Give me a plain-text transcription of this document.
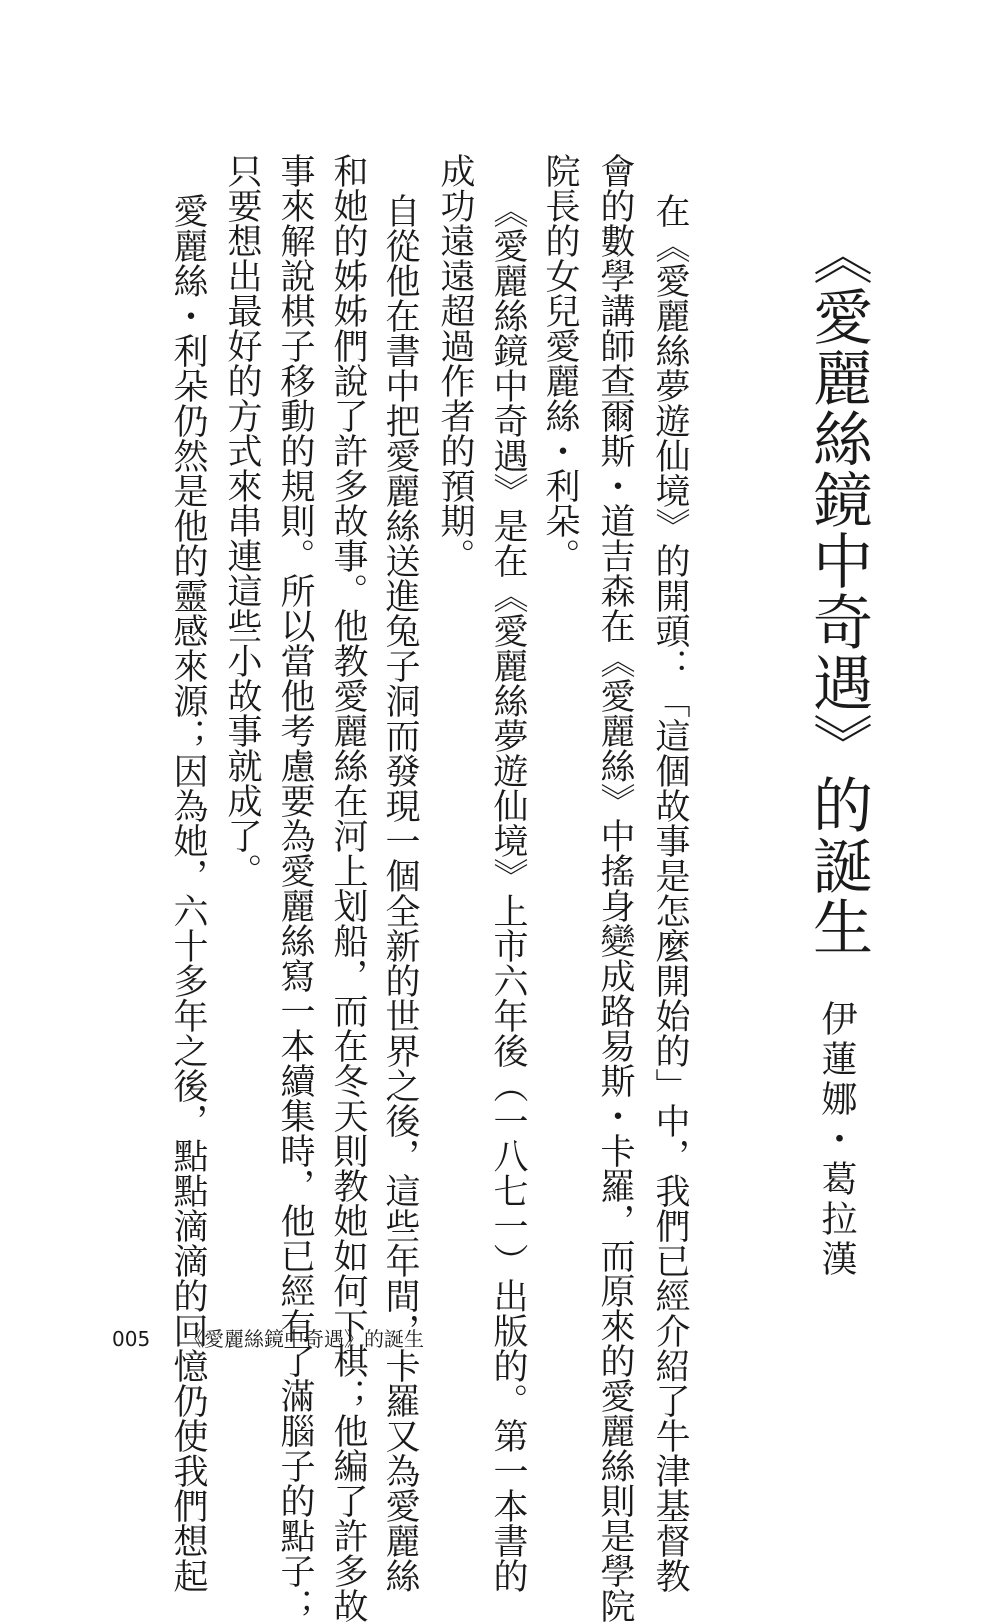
《愛麗絲鏡中奇遇》的誕生
伊蓮娜・葛拉漢
在《愛麗絲夢遊仙境》的開頭：「這個故事是怎麼開始的」中，我們已經介紹了牛津基督教
會的數學講師查爾斯・道吉森在《愛麗絲》中搖身變成路易斯・卡羅，而原來的愛麗絲則是學院
院長的女兒愛麗絲・利朵。
《愛麗絲鏡中奇遇》是在《愛麗絲夢遊仙境》上市六年後（一八七一）出版的。第一本書的
成功遠遠超過作者的預期。
自從他在書中把愛麗絲送進兔子洞而發現一個全新的世界之後，這些年間，卡羅又為愛麗絲
和她的姊姊們說了許多故事。他教愛麗絲在河上划船，而在冬天則教她如何下棋；他編了許多故
事來解說棋子移動的規則。所以當他考慮要為愛麗絲寫一本續集時，他已經有了滿腦子的點子；
只要想出最好的方式來串連這些小故事就成了。
愛麗絲・利朵仍然是他的靈感來源；因為她，六十多年之後，點點滴滴的回憶仍使我們想起
005 《愛麗絲鏡中奇遇》的誕生
